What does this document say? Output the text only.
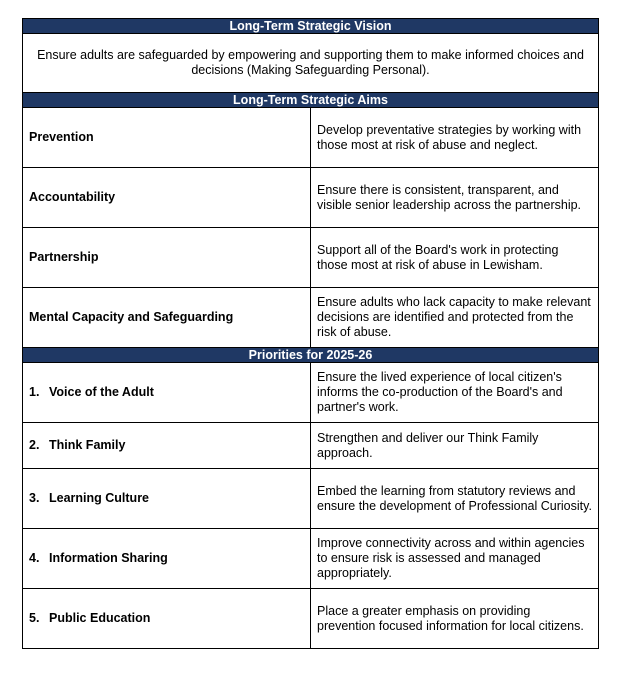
Long-Term Strategic Vision	
Ensure adults are safeguarded by empowering and supporting them to make informed choices and decisions (Making Safeguarding Personal).	
Long-Term Strategic Aims	
Prevention	Develop preventative strategies by working with those most at risk of abuse and neglect.
Accountability	Ensure there is consistent, transparent, and visible senior leadership across the partnership.
Partnership	Support all of the Board's work in protecting those most at risk of abuse in Lewisham.
Mental Capacity and Safeguarding	Ensure adults who lack capacity to make relevant decisions are identified and protected from the risk of abuse.
Priorities for 2025-26	
1. Voice of the Adult	Ensure the lived experience of local citizen's informs the co-production of the Board's and partner's work.
2. Think Family	Strengthen and deliver our Think Family approach.
3. Learning Culture	Embed the learning from statutory reviews and ensure the development of Professional Curiosity.
4. Information Sharing	Improve connectivity across and within agencies to ensure risk is assessed and managed appropriately.
5. Public Education	Place a greater emphasis on providing prevention focused information for local citizens.
